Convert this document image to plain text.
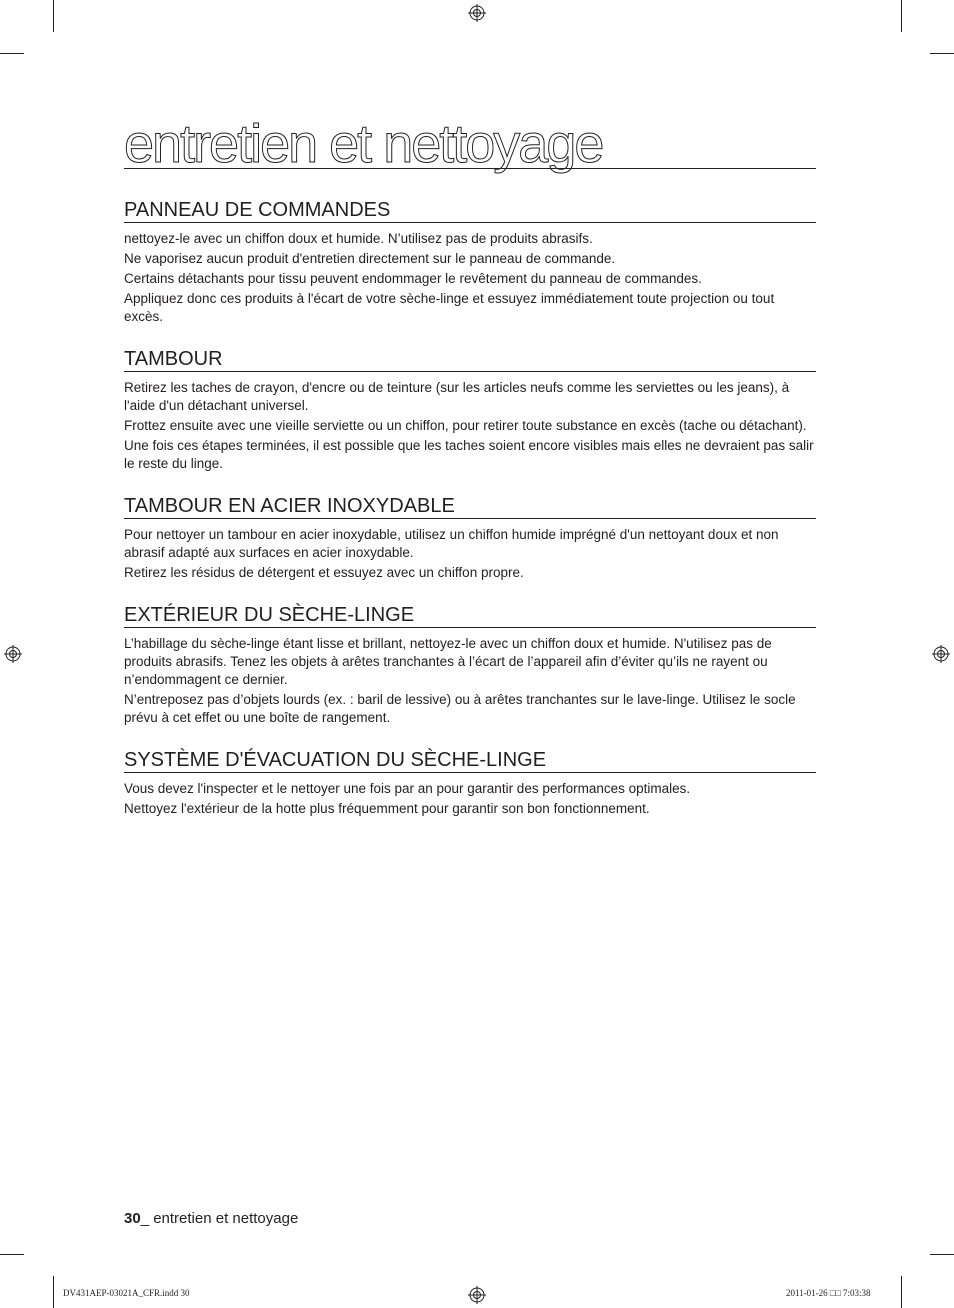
entretien et nettoyage
PANNEAU DE COMMANDES

nettoyez-le avec un chiffon doux et humide. N’utilisez pas de produits abrasifs.

Ne vaporisez aucun produit d'entretien directement sur le panneau de commande.

Certains détachants pour tissu peuvent endommager le revêtement du panneau de commandes.

Appliquez donc ces produits à l'écart de votre sèche-linge et essuyez immédiatement toute projection ou tout excès.

TAMBOUR

Retirez les taches de crayon, d'encre ou de teinture (sur les articles neufs comme les serviettes ou les jeans), à l'aide d'un détachant universel.

Frottez ensuite avec une vieille serviette ou un chiffon, pour retirer toute substance en excès (tache ou détachant).

Une fois ces étapes terminées, il est possible que les taches soient encore visibles mais elles ne devraient pas salir le reste du linge.

TAMBOUR EN ACIER INOXYDABLE

Pour nettoyer un tambour en acier inoxydable, utilisez un chiffon humide imprégné d'un nettoyant doux et non abrasif adapté aux surfaces en acier inoxydable.

Retirez les résidus de détergent et essuyez avec un chiffon propre.

EXTÉRIEUR DU SÈCHE-LINGE

L’habillage du sèche-linge étant lisse et brillant, nettoyez-le avec un chiffon doux et humide. N'utilisez pas de produits abrasifs. Tenez les objets à arêtes tranchantes à l’écart de l’appareil afin d’éviter qu’ils ne rayent ou n’endommagent ce dernier.

N’entreposez pas d’objets lourds (ex. : baril de lessive) ou à arêtes tranchantes sur le lave-linge. Utilisez le socle prévu à cet effet ou une boîte de rangement.

SYSTÈME D'ÉVACUATION DU SÈCHE-LINGE

Vous devez l'inspecter et le nettoyer une fois par an pour garantir des performances optimales.

Nettoyez l'extérieur de la hotte plus fréquemment pour garantir son bon fonctionnement.

30_ entretien et nettoyage
DV431AEP-03021A_CFR.indd 30	2011-01-26 □□ 7:03:38
